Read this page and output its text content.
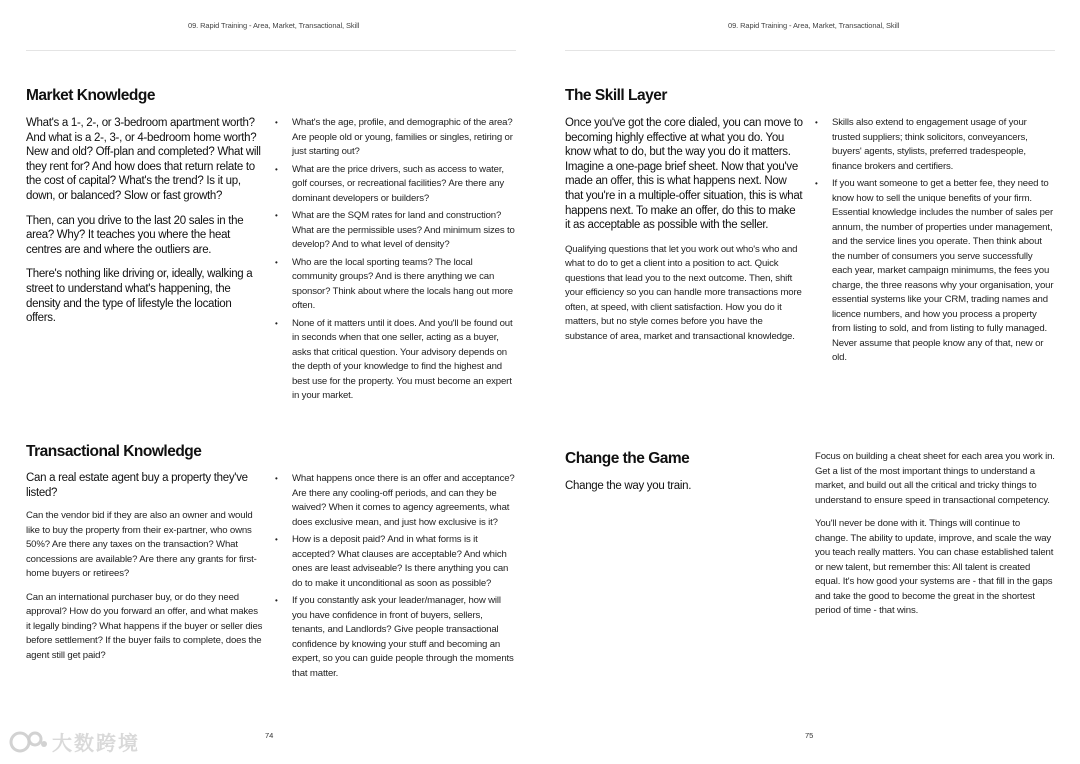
09. Rapid Training - Area, Market, Transactional, Skill
Market Knowledge

What's a 1-, 2-, or 3-bedroom apartment worth? And what is a 2-, 3-, or 4-bedroom home worth? New and old? Off-plan and completed? What will they rent for? And how does that return relate to the cost of capital? What's the trend? Is it up, down, or balanced? Slow or fast growth?

Then, can you drive to the last 20 sales in the area? Why? It teaches you where the heat centres are and where the outliers are.

There's nothing like driving or, ideally, walking a street to understand what's happening, the density and the type of lifestyle the location offers.

• What's the age, profile, and demographic of the area? Are people old or young, families or singles, retiring or just starting out?
• What are the price drivers, such as access to water, golf courses, or recreational facilities? Are there any dominant developers or builders?
• What are the SQM rates for land and construction? What are the permissible uses? And minimum sizes to develop? And to what level of density?
• Who are the local sporting teams? The local community groups? And is there anything we can sponsor? Think about where the locals hang out more often.
• None of it matters until it does. And you'll be found out in seconds when that one seller, acting as a buyer, asks that critical question. Your advisory depends on the depth of your knowledge to find the highest and best use for the property. You must become an expert in your market.
Transactional Knowledge

Can a real estate agent buy a property they've listed?

Can the vendor bid if they are also an owner and would like to buy the property from their ex-partner, who owns 50%? Are there any taxes on the transaction? What concessions are available? Are there any grants for first-home buyers or retirees?

Can an international purchaser buy, or do they need approval? How do you forward an offer, and what makes it legally binding? What happens if the buyer or seller dies before settlement? If the buyer fails to complete, does the agent still get paid?

• What happens once there is an offer and acceptance? Are there any cooling-off periods, and can they be waived? When it comes to agency agreements, what does exclusive mean, and just how exclusive is it?
• How is a deposit paid? And in what forms is it accepted? What clauses are acceptable? And which ones are least adviseable? Is there anything you can do to make it unconditional as soon as possible?
• If you constantly ask your leader/manager, how will you have confidence in front of buyers, sellers, tenants, and Landlords? Give people transactional confidence by knowing your stuff and becoming an expert, so you can guide people through the moments that matter.
74
大数跨境
09. Rapid Training - Area, Market, Transactional, Skill
The Skill Layer

Once you've got the core dialed, you can move to becoming highly effective at what you do. You know what to do, but the way you do it matters. Imagine a one-page brief sheet. Now that you've made an offer, this is what happens next. Now that you're in a multiple-offer situation, this is what happens next. To make an offer, do this to make it as acceptable as possible with the seller.

Qualifying questions that let you work out who's who and what to do to get a client into a position to act. Quick questions that lead you to the next outcome. Then, shift your efficiency so you can handle more transactions more often, at speed, with client satisfaction. How you do it matters, but no style comes before you have the substance of area, market and transactional knowledge.

• Skills also extend to engagement usage of your trusted suppliers; think solicitors, conveyancers, buyers' agents, stylists, preferred tradespeople, finance brokers and certifiers.
• If you want someone to get a better fee, they need to know how to sell the unique benefits of your firm. Essential knowledge includes the number of sales per annum, the number of properties under management, and the service lines you operate. Then think about the number of consumers you serve successfully each year, market campaign minimums, the fees you charge, the three reasons why your organisation, your essential systems like your CRM, trading names and licence numbers, and how you process a property from listing to sold, and from listing to fully managed. Never assume that people know any of that, new or old.
Change the Game

Change the way you train.

Focus on building a cheat sheet for each area you work in. Get a list of the most important things to understand a market, and build out all the critical and tricky things to understand to ensure speed in transactional competency.

You'll never be done with it. Things will continue to change. The ability to update, improve, and scale the way you teach really matters. You can chase established talent or new talent, but remember this: All talent is created equal. It's how good your systems are - that fill in the gaps and take the good to become the great in the shortest period of time - that wins.

75
